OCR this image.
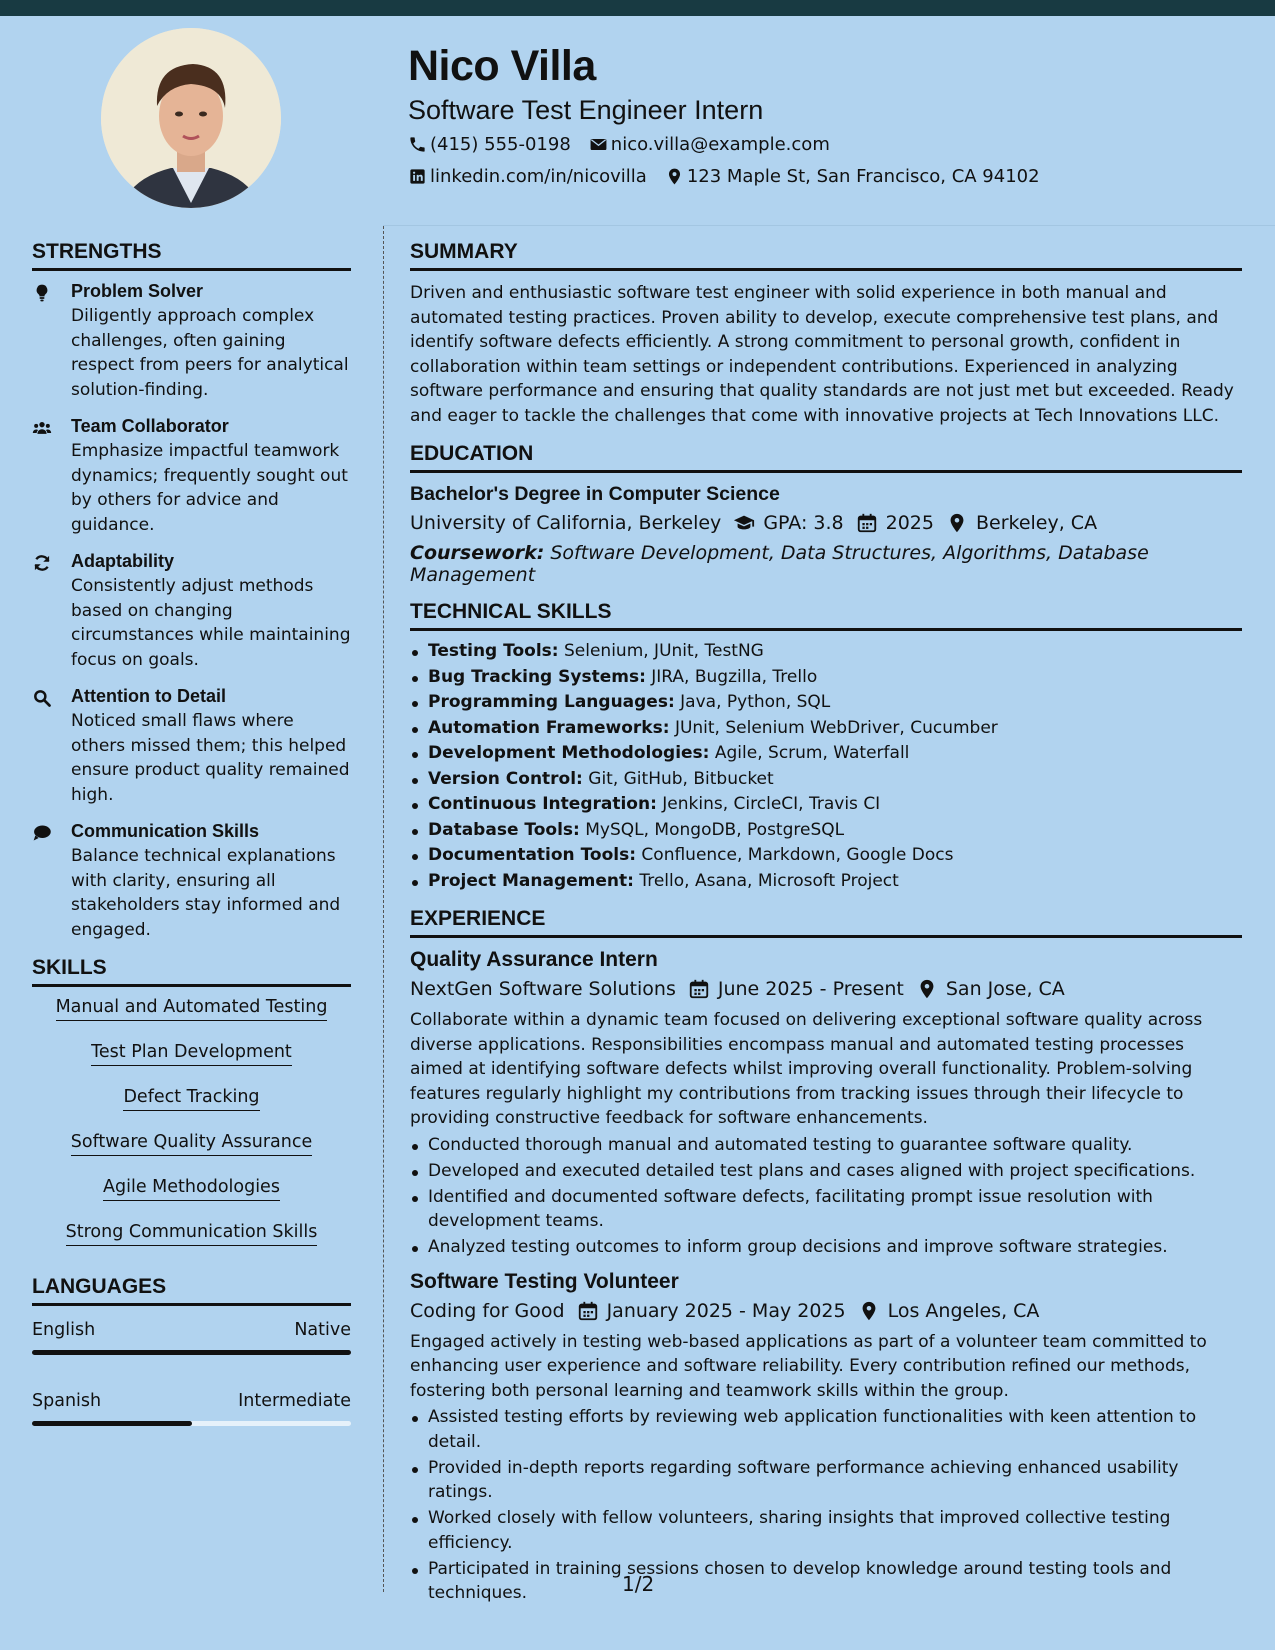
Nico Villa
Software Test Engineer Intern
(415) 555-0198 nico.villa@example.com
linkedin.com/in/nicovilla 123 Maple St, San Francisco, CA 94102
STRENGTHS
Problem Solver
Diligently approach complex challenges, often gaining respect from peers for analytical solution-finding.
Team Collaborator
Emphasize impactful teamwork dynamics; frequently sought out by others for advice and guidance.
Adaptability
Consistently adjust methods based on changing circumstances while maintaining focus on goals.
Attention to Detail
Noticed small flaws where others missed them; this helped ensure product quality remained high.
Communication Skills
Balance technical explanations with clarity, ensuring all stakeholders stay informed and engaged.
SKILLS
Manual and Automated Testing
Test Plan Development
Defect Tracking
Software Quality Assurance
Agile Methodologies
Strong Communication Skills
LANGUAGES
English	Native
Spanish	Intermediate
SUMMARY
Driven and enthusiastic software test engineer with solid experience in both manual and automated testing practices. Proven ability to develop, execute comprehensive test plans, and identify software defects efficiently. A strong commitment to personal growth, confident in collaboration within team settings or independent contributions. Experienced in analyzing software performance and ensuring that quality standards are not just met but exceeded. Ready and eager to tackle the challenges that come with innovative projects at Tech Innovations LLC.
EDUCATION
Bachelor's Degree in Computer Science
University of California, Berkeley GPA: 3.8 2025 Berkeley, CA
Coursework: Software Development, Data Structures, Algorithms, Database Management
TECHNICAL SKILLS
Testing Tools: Selenium, JUnit, TestNG
Bug Tracking Systems: JIRA, Bugzilla, Trello
Programming Languages: Java, Python, SQL
Automation Frameworks: JUnit, Selenium WebDriver, Cucumber
Development Methodologies: Agile, Scrum, Waterfall
Version Control: Git, GitHub, Bitbucket
Continuous Integration: Jenkins, CircleCI, Travis CI
Database Tools: MySQL, MongoDB, PostgreSQL
Documentation Tools: Confluence, Markdown, Google Docs
Project Management: Trello, Asana, Microsoft Project
EXPERIENCE
Quality Assurance Intern
NextGen Software Solutions June 2025 - Present San Jose, CA
Collaborate within a dynamic team focused on delivering exceptional software quality across diverse applications. Responsibilities encompass manual and automated testing processes aimed at identifying software defects whilst improving overall functionality. Problem-solving features regularly highlight my contributions from tracking issues through their lifecycle to providing constructive feedback for software enhancements.
Conducted thorough manual and automated testing to guarantee software quality.
Developed and executed detailed test plans and cases aligned with project specifications.
Identified and documented software defects, facilitating prompt issue resolution with development teams.
Analyzed testing outcomes to inform group decisions and improve software strategies.
Software Testing Volunteer
Coding for Good January 2025 - May 2025 Los Angeles, CA
Engaged actively in testing web-based applications as part of a volunteer team committed to enhancing user experience and software reliability. Every contribution refined our methods, fostering both personal learning and teamwork skills within the group.
Assisted testing efforts by reviewing web application functionalities with keen attention to detail.
Provided in-depth reports regarding software performance achieving enhanced usability ratings.
Worked closely with fellow volunteers, sharing insights that improved collective testing efficiency.
Participated in training sessions chosen to develop knowledge around testing tools and techniques.	1/2
